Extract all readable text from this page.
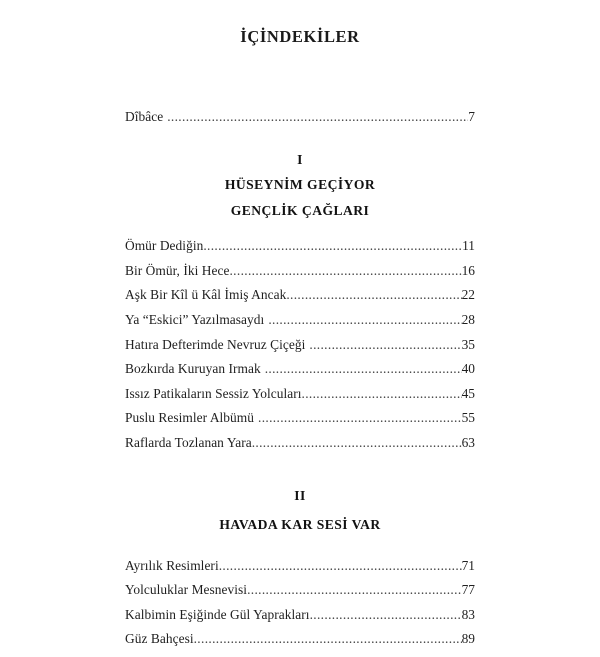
İÇİNDEKİLER
Dîbâce .....	7
I
HÜSEYNİM GEÇİYOR
GENÇLİK ÇAĞLARI
Ömür Dediğin .....	11
Bir Ömür, İki Hece .....	16
Aşk Bir Kîl ü Kâl İmiş Ancak .....	22
Ya “Eskici” Yazılmasaydı .....	28
Hatıra Defterimde Nevruz Çiçeği .....	35
Bozkırda Kuruyan Irmak .....	40
Issız Patikaların Sessiz Yolcuları .....	45
Puslu Resimler Albümü .....	55
Raflarda Tozlanan Yara .....	63
II
HAVADA KAR SESİ VAR
Ayrılık Resimleri .....	71
Yolculuklar Mesnevisi .....	77
Kalbimin Eşiğinde Gül Yaprakları .....	83
Güz Bahçesi .....	89
